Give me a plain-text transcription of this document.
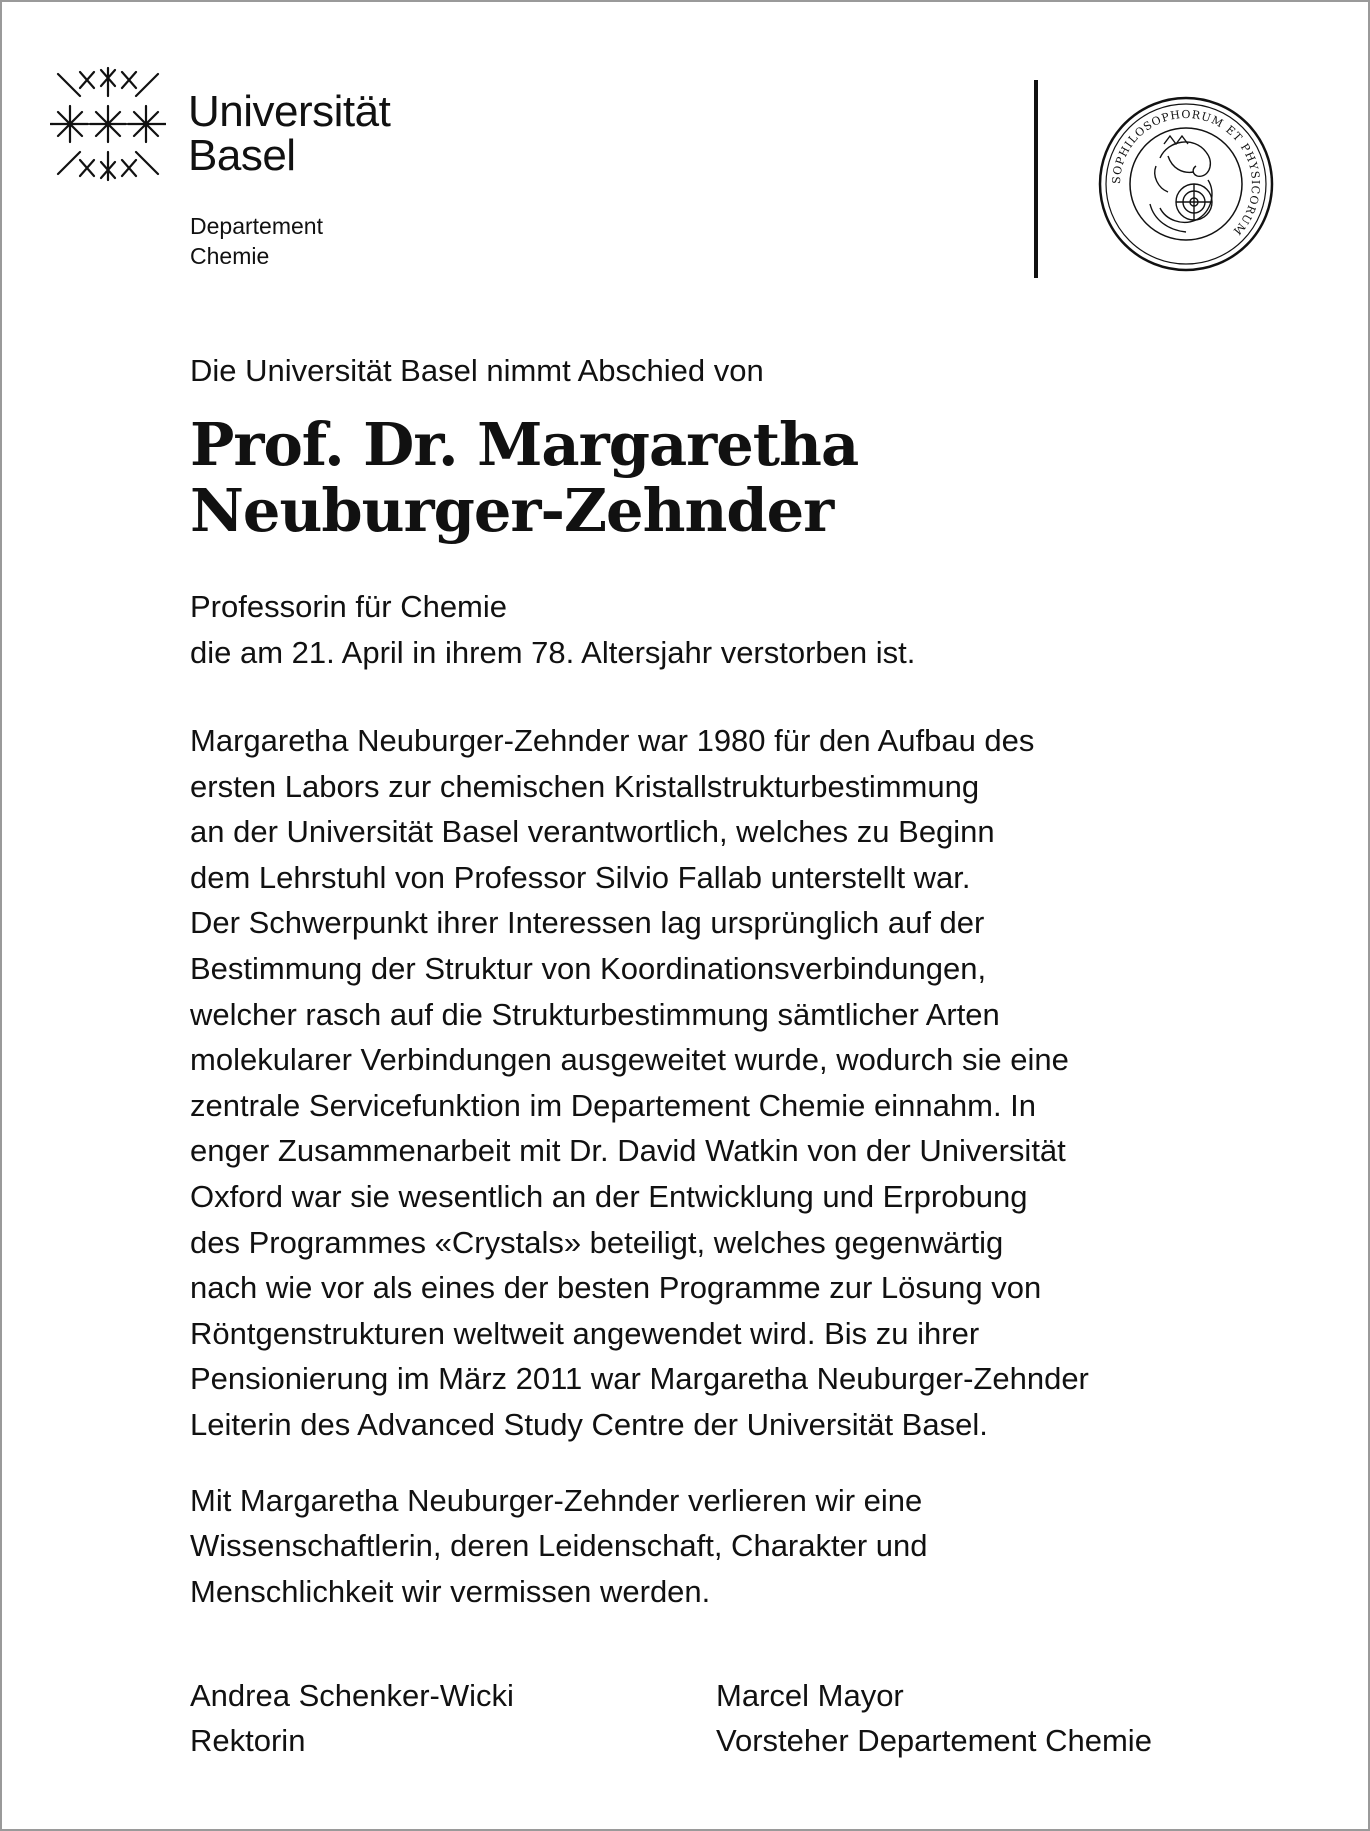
Universität
Basel
Departement
Chemie
SOPHILOSOPHORUM ET PHYSICORUM

Die Universität Basel nimmt Abschied von

Prof. Dr. Margaretha
Neuburger-Zehnder
Professorin für Chemie
die am 21. April in ihrem 78. Altersjahr verstorben ist.
Margaretha Neuburger-Zehnder war 1980 für den Aufbau des
ersten Labors zur chemischen Kristallstrukturbestimmung
an der Universität Basel verantwortlich, welches zu Beginn
dem Lehrstuhl von Professor Silvio Fallab unterstellt war.
Der Schwerpunkt ihrer Interessen lag ursprünglich auf der
Bestimmung der Struktur von Koordinationsverbindungen,
welcher rasch auf die Strukturbestimmung sämtlicher Arten
molekularer Verbindungen ausgeweitet wurde, wodurch sie eine
zentrale Servicefunktion im Departement Chemie einnahm. In
enger Zusammenarbeit mit Dr. David Watkin von der Universität
Oxford war sie wesentlich an der Entwicklung und Erprobung
des Programmes «Crystals» beteiligt, welches gegenwärtig
nach wie vor als eines der besten Programme zur Lösung von
Röntgenstrukturen weltweit angewendet wird. Bis zu ihrer
Pensionierung im März 2011 war Margaretha Neuburger-Zehnder
Leiterin des Advanced Study Centre der Universität Basel.
Mit Margaretha Neuburger-Zehnder verlieren wir eine
Wissenschaftlerin, deren Leidenschaft, Charakter und
Menschlichkeit wir vermissen werden.
Andrea Schenker-Wicki
Rektorin
Marcel Mayor
Vorsteher Departement Chemie
